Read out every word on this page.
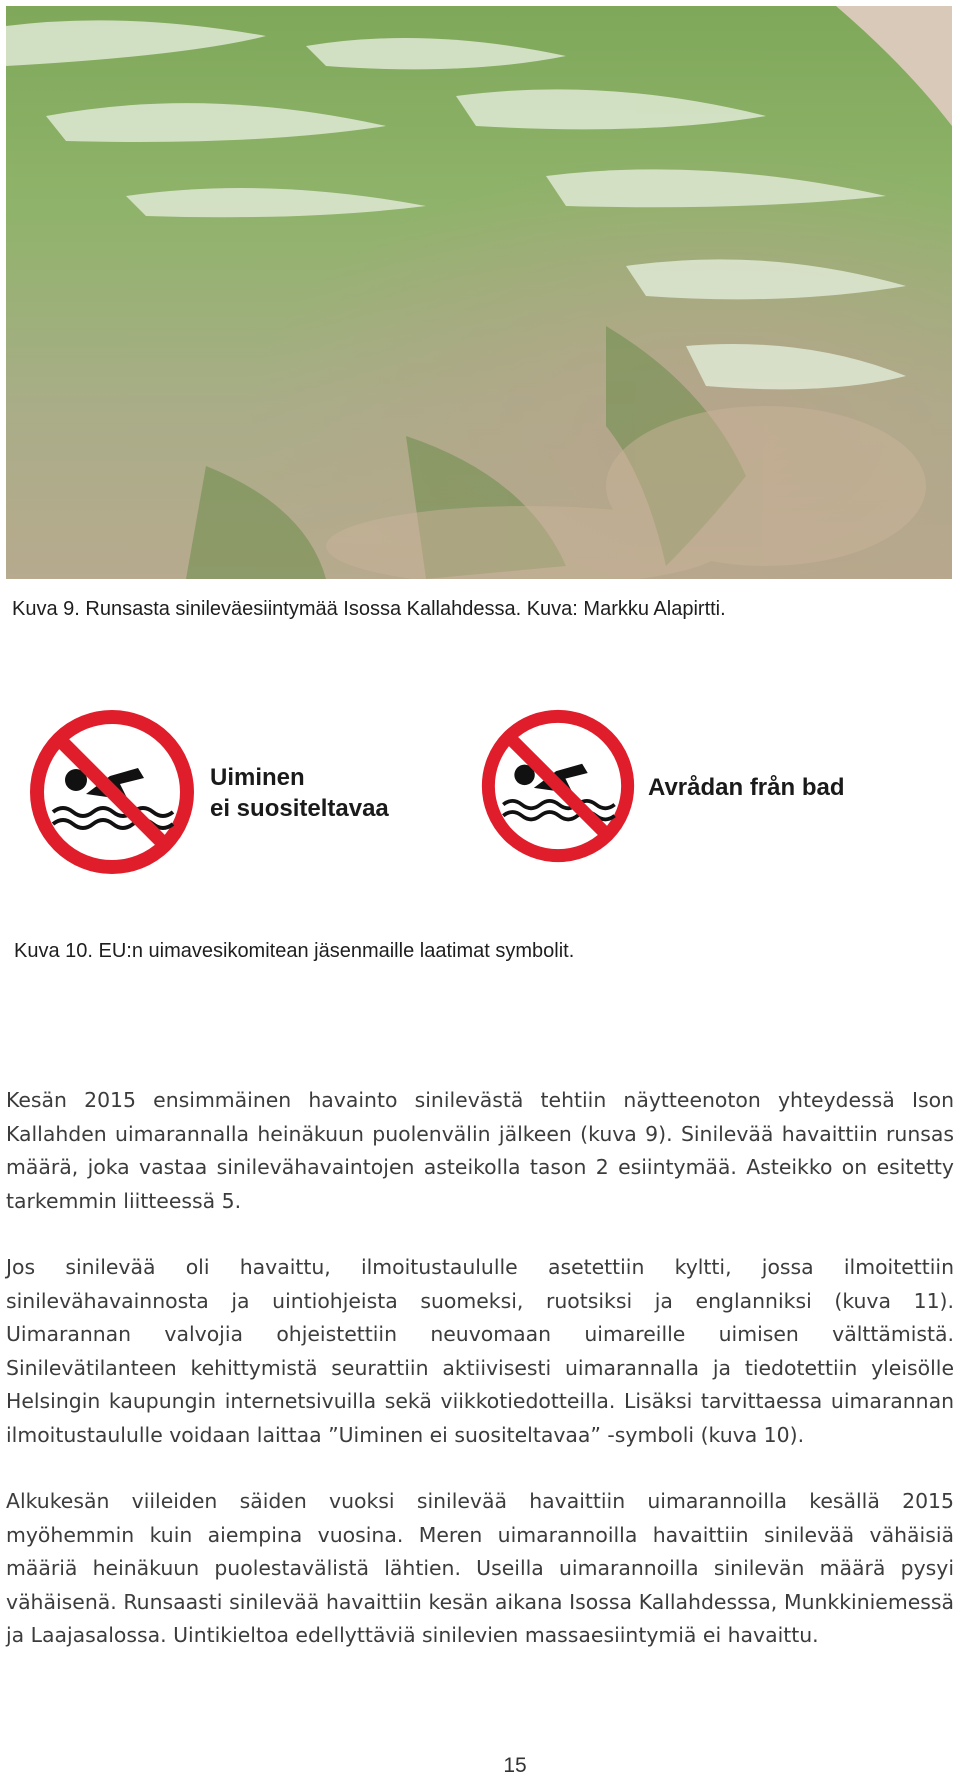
Kuva 9. Runsasta sinileväesiintymää Isossa Kallahdessa. Kuva: Markku Alapirtti.
Uiminen
ei suositeltavaa
Avrådan från bad
Kuva 10. EU:n uimavesikomitean jäsenmaille laatimat symbolit.

Kesän 2015 ensimmäinen havainto sinilevästä tehtiin näytteenoton yhteydessä Ison Kallahden uimarannalla heinäkuun puolenvälin jälkeen (kuva 9). Sinilevää havaittiin runsas määrä, joka vastaa sinilevähavaintojen asteikolla tason 2 esiintymää. Asteikko on esitetty tarkemmin liitteessä 5.

Jos sinilevää oli havaittu, ilmoitustaululle asetettiin kyltti, jossa ilmoitettiin sinilevähavainnosta ja uintiohjeista suomeksi, ruotsiksi ja englanniksi (kuva 11). Uimarannan valvojia ohjeistettiin neuvomaan uimareille uimisen välttämistä. Sinilevätilanteen kehittymistä seurattiin aktiivisesti uimarannalla ja tiedotettiin yleisölle Helsingin kaupungin internetsivuilla sekä viikkotiedotteilla. Lisäksi tarvittaessa uimarannan ilmoitustaululle voidaan laittaa ”Uiminen ei suositeltavaa” -symboli (kuva 10).

Alkukesän viileiden säiden vuoksi sinilevää havaittiin uimarannoilla kesällä 2015 myöhemmin kuin aiempina vuosina. Meren uimarannoilla havaittiin sinilevää vähäisiä määriä heinäkuun puolestavälistä lähtien. Useilla uimarannoilla sinilevän määrä pysyi vähäisenä. Runsaasti sinilevää havaittiin kesän aikana Isossa Kallahdesssa, Munkkiniemessä ja Laajasalossa. Uintikieltoa edellyttäviä sinilevien massaesiintymiä ei havaittu.

15
